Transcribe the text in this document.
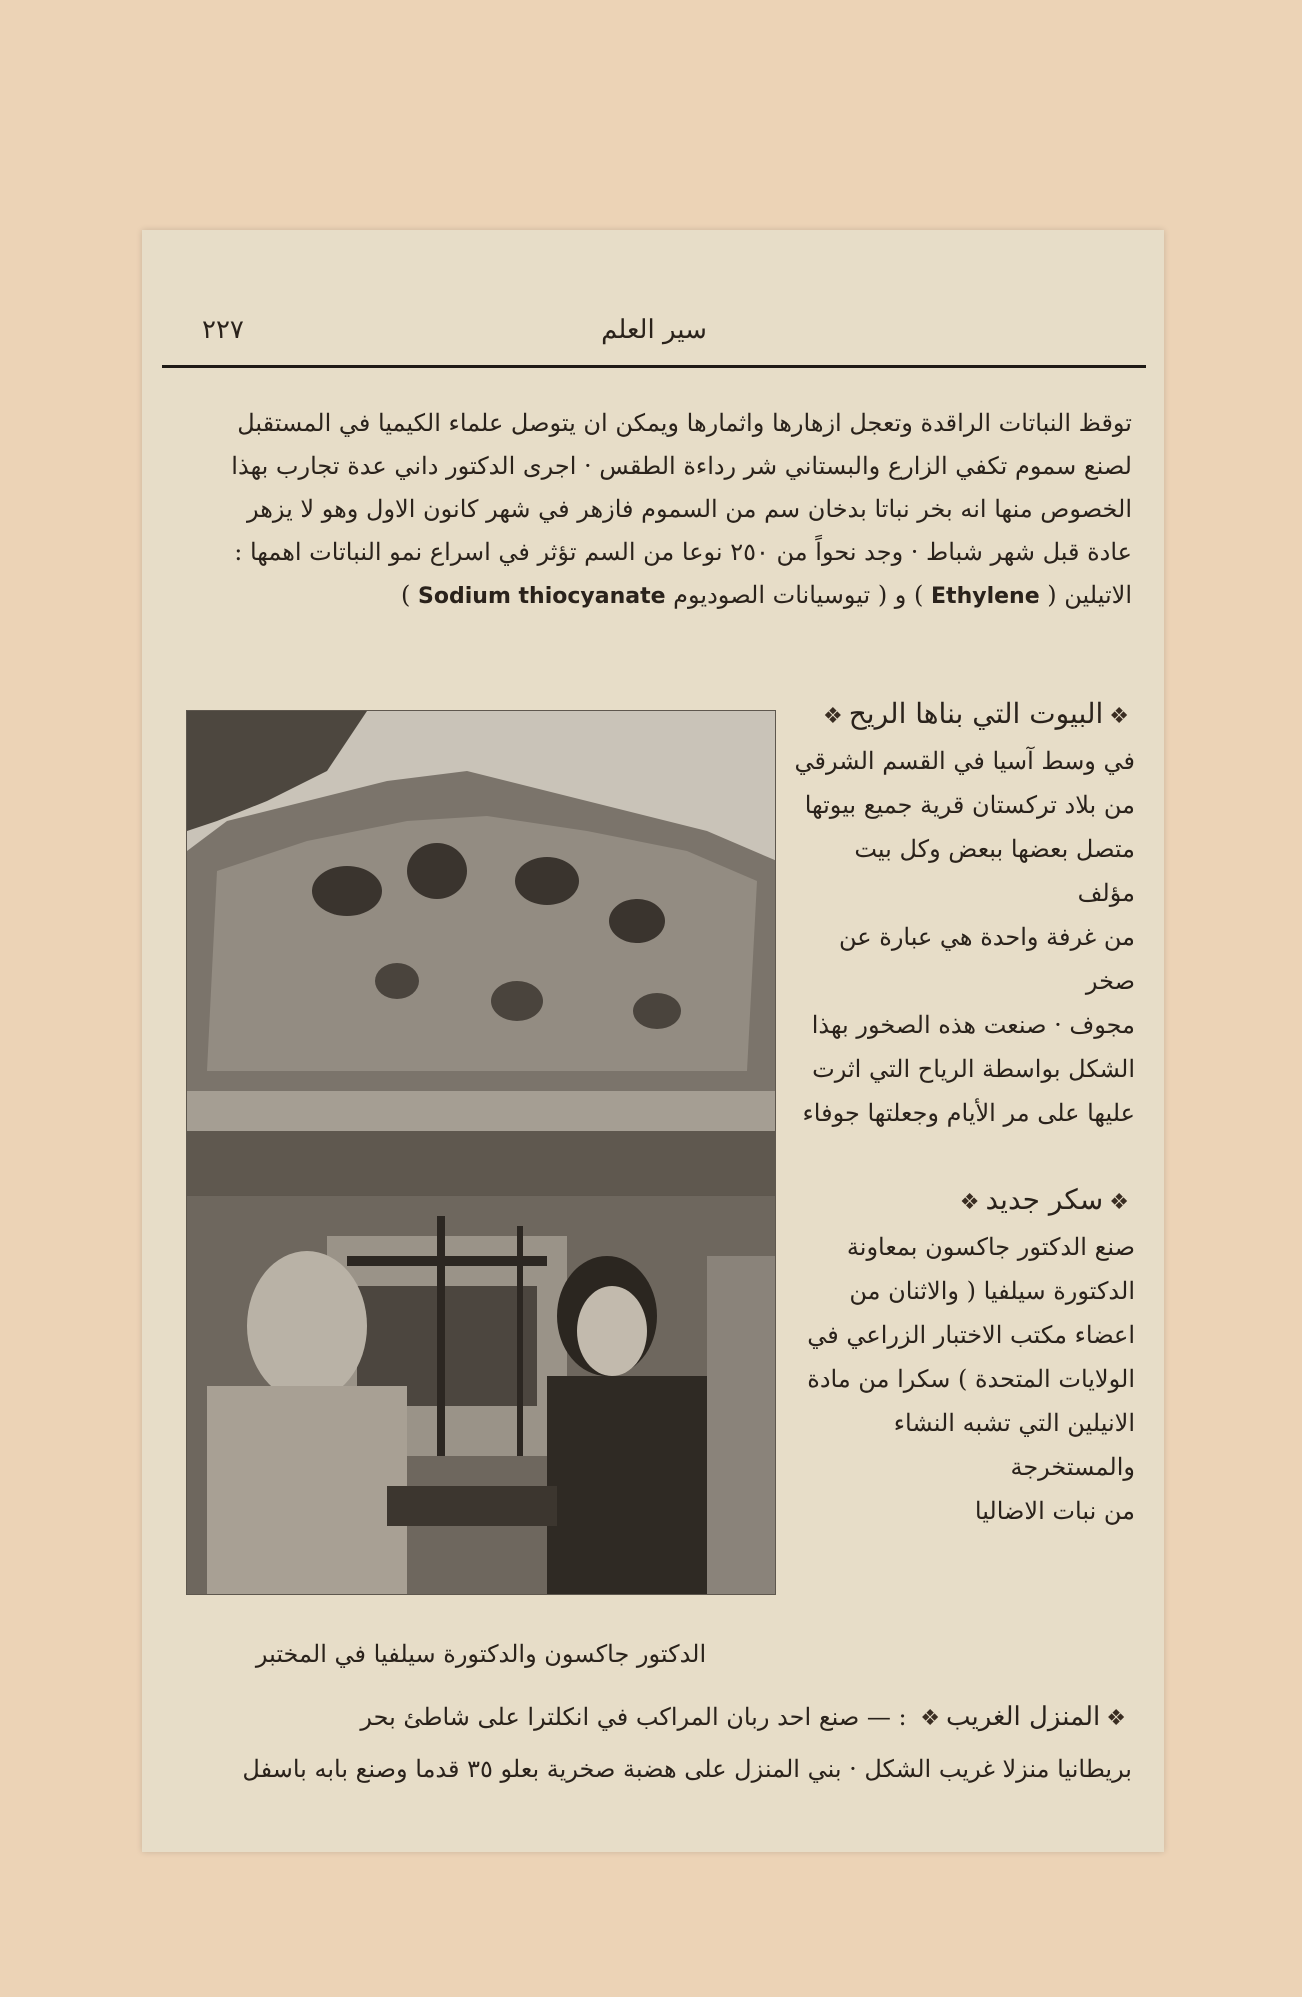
٢٢٧	سير العلم

توقظ النباتات الراقدة وتعجل ازهارها واثمارها ويمكن ان يتوصل علماء الكيميا في المستقبل

لصنع سموم تكفي الزارع والبستاني شر رداءة الطقس · اجرى الدكتور داني عدة تجارب بهذا

الخصوص منها انه بخر نباتا بدخان سم من السموم فازهر في شهر كانون الاول وهو لا يزهر

عادة قبل شهر شباط · وجد نحواً من ٢٥٠ نوعا من السم تؤثر في اسراع نمو النباتات اهمها :

الاتيلين ( Ethylene ) و ( تيوسيانات الصوديوم Sodium thiocyanate )

❖البيوت التي بناها الريح❖

في وسط آسيا في القسم الشرقي

من بلاد تركستان قرية جميع بيوتها

متصل بعضها ببعض وكل بيت مؤلف

من غرفة واحدة هي عبارة عن صخر

مجوف · صنعت هذه الصخور بهذا

الشكل بواسطة الرياح التي اثرت

عليها على مر الأيام وجعلتها جوفاء

❖سكر جديد❖

صنع الدكتور جاكسون بمعاونة

الدكتورة سيلفيا ( والاثنان من

اعضاء مكتب الاختبار الزراعي في

الولايات المتحدة ) سكرا من مادة

الانيلين التي تشبه النشاء والمستخرجة

من نبات الاضاليا

الدكتور جاكسون والدكتورة سيلفيا في المختبر

❖المنزل الغريب❖ : — صنع احد ربان المراكب في انكلترا على شاطئ بحر

بريطانيا منزلا غريب الشكل · بني المنزل على هضبة صخرية بعلو ٣٥ قدما وصنع بابه باسفل
